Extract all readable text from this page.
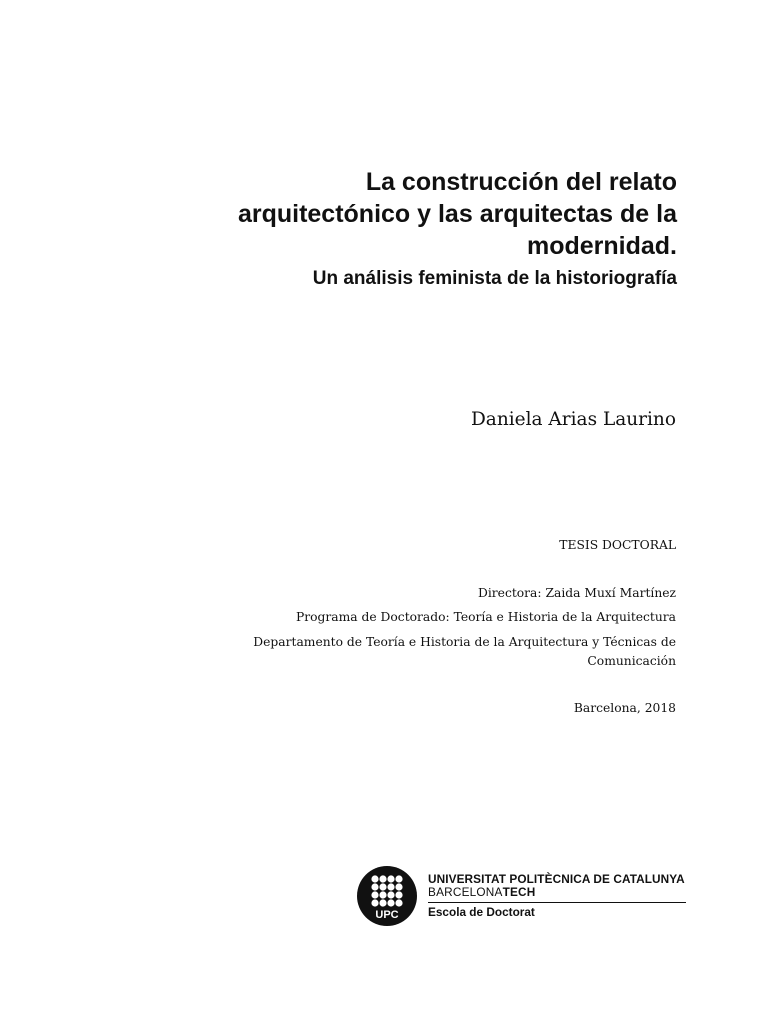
La construcción del relato
arquitectónico y las arquitectas de la
modernidad.
Un análisis feminista de la historiografía
Daniela Arias Laurino
TESIS DOCTORAL
Directora: Zaida Muxí Martínez
Programa de Doctorado: Teoría e Historia de la Arquitectura
Departamento de Teoría e Historia de la Arquitectura y Técnicas de
Comunicación
Barcelona, 2018
UPC
UNIVERSITAT POLITÈCNICA DE CATALUNYA
BARCELONATECH
Escola de Doctorat
